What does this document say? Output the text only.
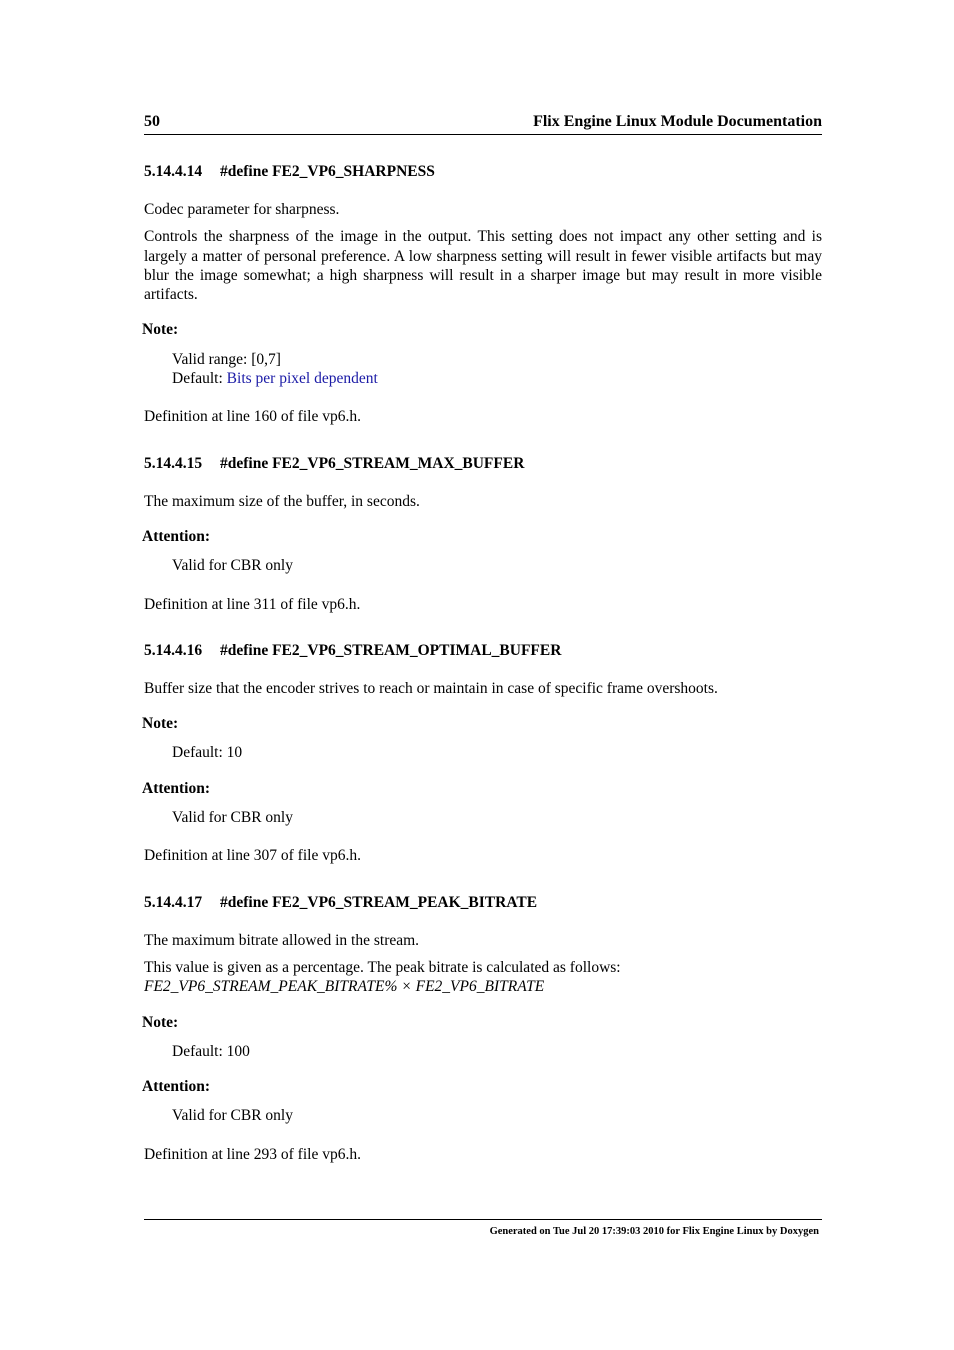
50	Flix Engine Linux Module Documentation
5.14.4.14 #define FE2_VP6_SHARPNESS

Codec parameter for sharpness.

Controls the sharpness of the image in the output. This setting does not impact any other setting and is largely a matter of personal preference. A low sharpness setting will result in fewer visible artifacts but may blur the image somewhat; a high sharpness will result in a sharper image but may result in more visible artifacts.

Note:
Valid range: [0,7]
Default: Bits per pixel dependent
Definition at line 160 of file vp6.h.
5.14.4.15 #define FE2_VP6_STREAM_MAX_BUFFER

The maximum size of the buffer, in seconds.

Attention:
Valid for CBR only
Definition at line 311 of file vp6.h.
5.14.4.16 #define FE2_VP6_STREAM_OPTIMAL_BUFFER

Buffer size that the encoder strives to reach or maintain in case of specific frame overshoots.

Note:
Default: 10
Attention:
Valid for CBR only
Definition at line 307 of file vp6.h.
5.14.4.17 #define FE2_VP6_STREAM_PEAK_BITRATE

The maximum bitrate allowed in the stream.

This value is given as a percentage. The peak bitrate is calculated as follows:
FE2_VP6_STREAM_PEAK_BITRATE% × FE2_VP6_BITRATE

Note:
Default: 100
Attention:
Valid for CBR only
Definition at line 293 of file vp6.h.
Generated on Tue Jul 20 17:39:03 2010 for Flix Engine Linux by Doxygen
